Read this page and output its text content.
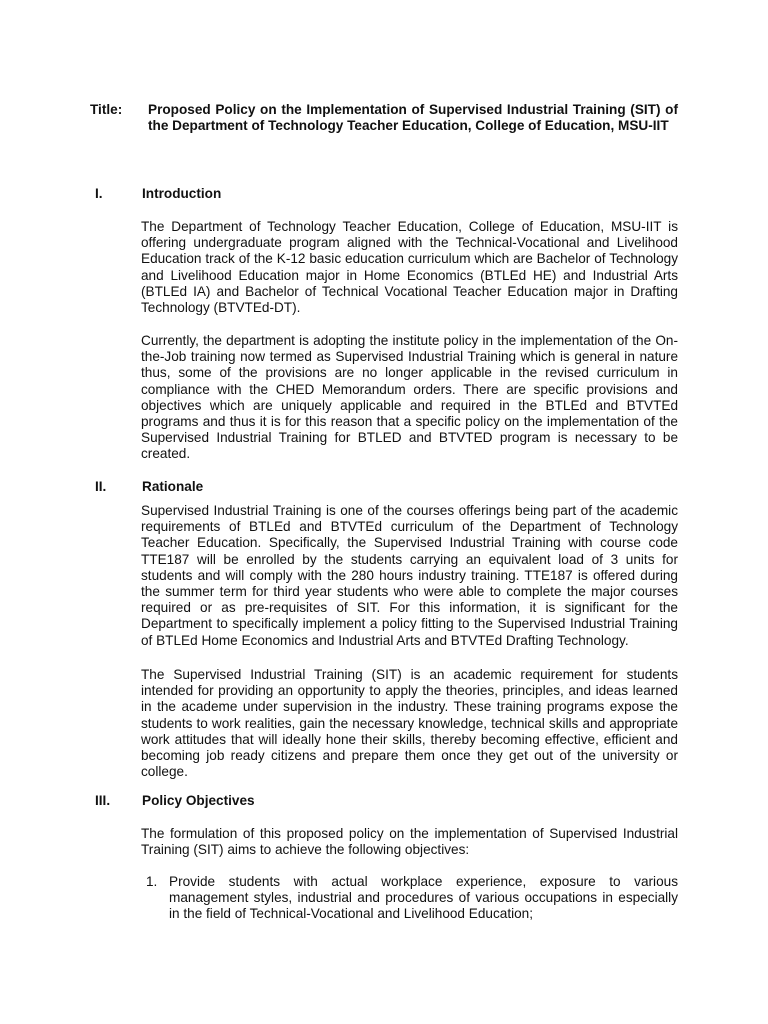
Title: Proposed Policy on the Implementation of Supervised Industrial Training (SIT) of the Department of Technology Teacher Education, College of Education, MSU-IIT
I.	Introduction

The Department of Technology Teacher Education, College of Education, MSU-IIT is offering undergraduate program aligned with the Technical-Vocational and Livelihood Education track of the K-12 basic education curriculum which are Bachelor of Technology and Livelihood Education major in Home Economics (BTLEd HE) and Industrial Arts (BTLEd IA) and Bachelor of Technical Vocational Teacher Education major in Drafting Technology (BTVTEd-DT).

Currently, the department is adopting the institute policy in the implementation of the On-the-Job training now termed as Supervised Industrial Training which is general in nature thus, some of the provisions are no longer applicable in the revised curriculum in compliance with the CHED Memorandum orders. There are specific provisions and objectives which are uniquely applicable and required in the BTLEd and BTVTEd programs and thus it is for this reason that a specific policy on the implementation of the Supervised Industrial Training for BTLED and BTVTED program is necessary to be created.

II.	Rationale

Supervised Industrial Training is one of the courses offerings being part of the academic requirements of BTLEd and BTVTEd curriculum of the Department of Technology Teacher Education. Specifically, the Supervised Industrial Training with course code TTE187 will be enrolled by the students carrying an equivalent load of 3 units for students and will comply with the 280 hours industry training. TTE187 is offered during the summer term for third year students who were able to complete the major courses required or as pre-requisites of SIT. For this information, it is significant for the Department to specifically implement a policy fitting to the Supervised Industrial Training of BTLEd Home Economics and Industrial Arts and BTVTEd Drafting Technology.

The Supervised Industrial Training (SIT) is an academic requirement for students intended for providing an opportunity to apply the theories, principles, and ideas learned in the academe under supervision in the industry. These training programs expose the students to work realities, gain the necessary knowledge, technical skills and appropriate work attitudes that will ideally hone their skills, thereby becoming effective, efficient and becoming job ready citizens and prepare them once they get out of the university or college.

III. Policy Objectives

The formulation of this proposed policy on the implementation of Supervised Industrial Training (SIT) aims to achieve the following objectives:

1. Provide students with actual workplace experience, exposure to various management styles, industrial and procedures of various occupations in especially in the field of Technical-Vocational and Livelihood Education;
